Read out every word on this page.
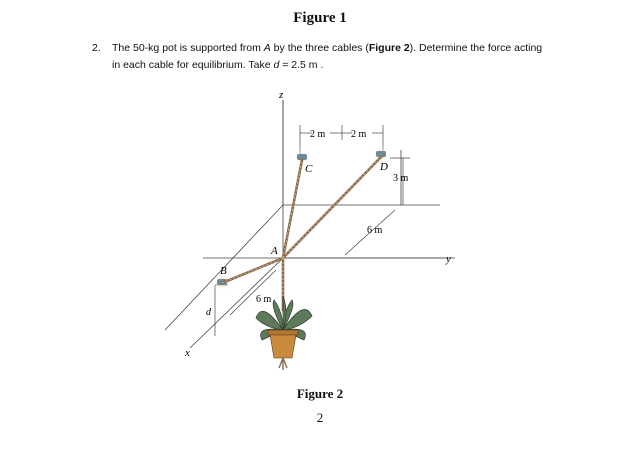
Figure 1
2. The 50-kg pot is supported from A by the three cables (Figure 2). Determine the force acting
in each cable for equilibrium. Take d = 2.5 m .
2 m	2 m
3 m
6 m
6 m
d
z
y
x
A
B
C	D
Figure 2
2
